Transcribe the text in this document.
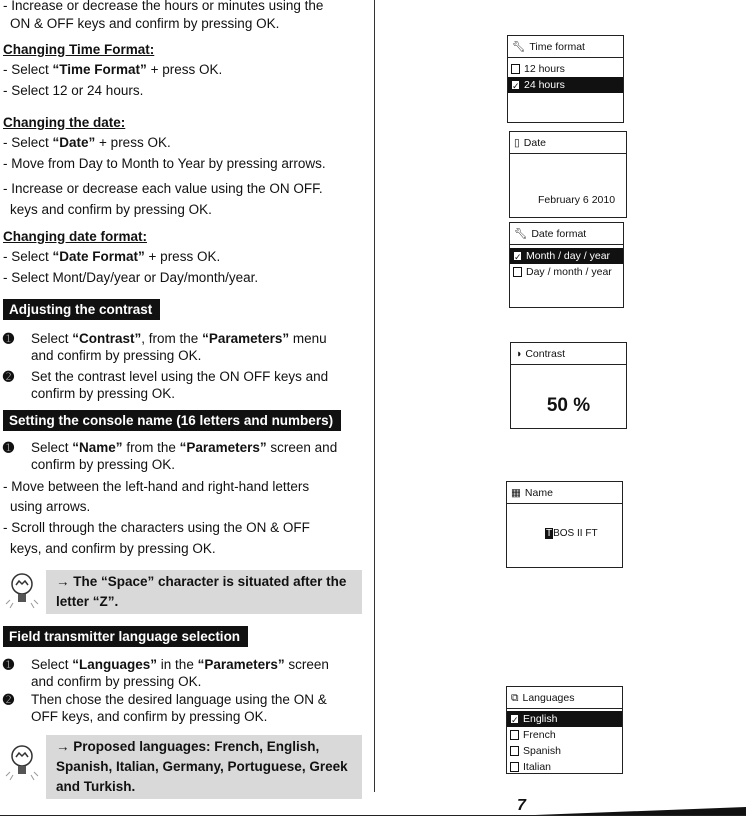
- Increase or decrease the hours or minutes using the
ON & OFF keys and confirm by pressing OK.
Changing Time Format:
- Select “Time Format” + press OK.
- Select 12 or 24 hours.
Changing the date:
- Select “Date” + press OK.
- Move from Day to Month to Year by pressing arrows.
- Increase or decrease each value using the ON OFF.
keys and confirm by pressing OK.
Changing date format:
- Select “Date Format” + press OK.
- Select Mont/Day/year or Day/month/year.
Adjusting the contrast
➊ Select “Contrast”, from the “Parameters” menu
and confirm by pressing OK.
➋ Set the contrast level using the ON OFF keys and
confirm by pressing OK.
Setting the console name (16 letters and numbers)
➊ Select “Name” from the “Parameters” screen and
confirm by pressing OK.
- Move between the left-hand and right-hand letters
using arrows.
- Scroll through the characters using the ON & OFF
keys, and confirm by pressing OK.
→ The “Space” character is situated after the letter “Z”.
Field transmitter language selection
➊ Select “Languages” in the “Parameters” screen
and confirm by pressing OK.
➋ Then chose the desired language using the ON &
OFF keys, and confirm by pressing OK.
→ Proposed languages: French, English, Spanish, Italian, Germany, Portuguese, Greek and Turkish.
🔧︎ Time format
12 hours
✓ 24 hours
▯ Date
February 6 2010
🔧︎ Date format
✓ Month / day / year
Day / month / year
◑ Contrast
50 %
▦ Name
TBOS II FT
⧉ Languages
✓ English
French
Spanish
Italian
7
